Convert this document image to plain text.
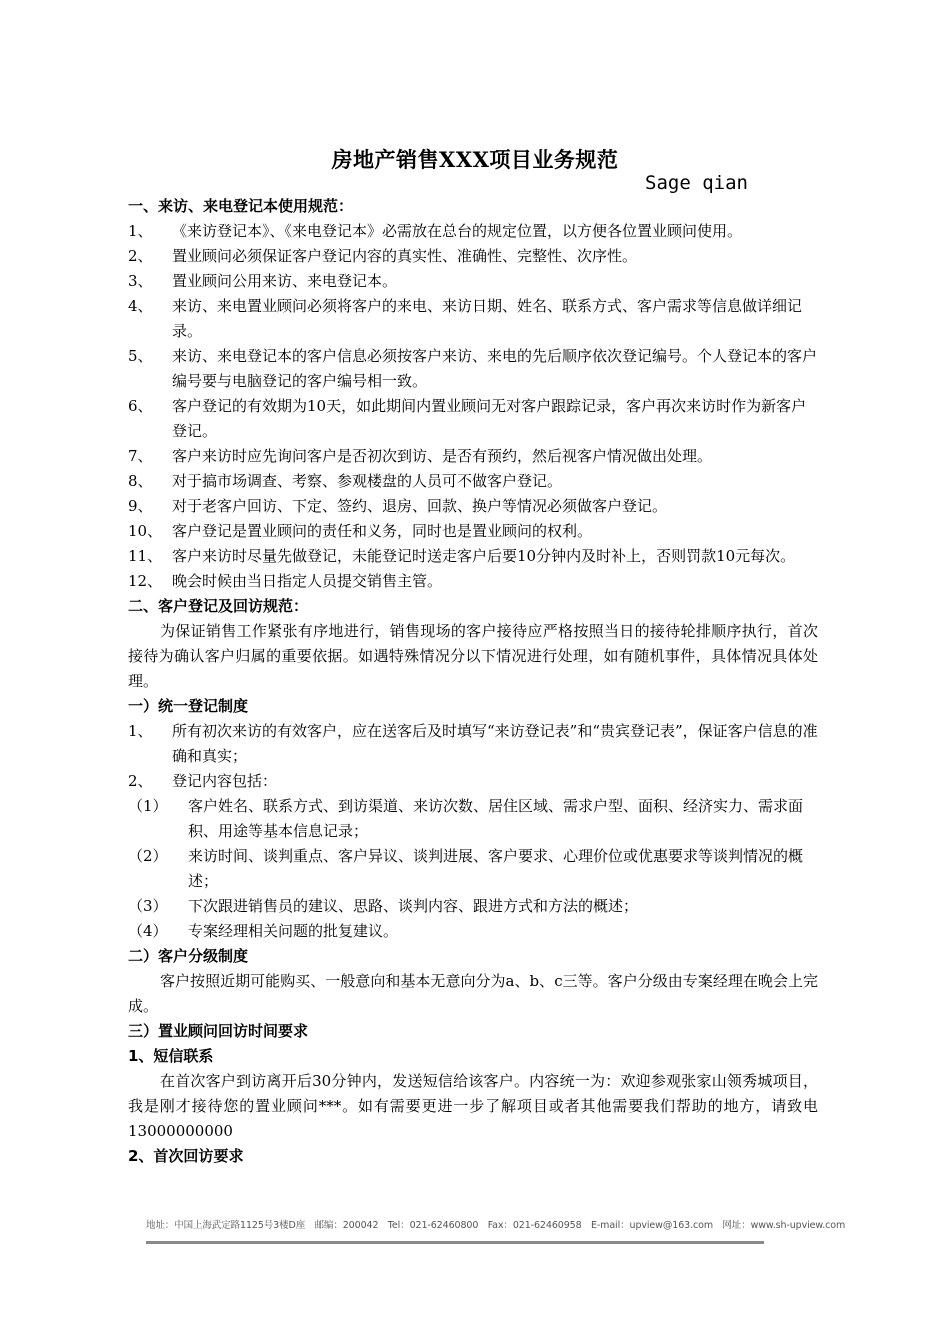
房地产销售XXX项目业务规范
Sage qian
一、来访、来电登记本使用规范：
1、 《来访登记本》、《来电登记本》必需放在总台的规定位置，以方便各位置业顾问使用。
2、 置业顾问必须保证客户登记内容的真实性、准确性、完整性、次序性。
3、 置业顾问公用来访、来电登记本。
4、 来访、来电置业顾问必须将客户的来电、来访日期、姓名、联系方式、客户需求等信息做详细记录。
5、 来访、来电登记本的客户信息必须按客户来访、来电的先后顺序依次登记编号。个人登记本的客户编号要与电脑登记的客户编号相一致。
6、 客户登记的有效期为10天，如此期间内置业顾问无对客户跟踪记录，客户再次来访时作为新客户登记。
7、 客户来访时应先询问客户是否初次到访、是否有预约，然后视客户情况做出处理。
8、 对于搞市场调查、考察、参观楼盘的人员可不做客户登记。
9、 对于老客户回访、下定、签约、退房、回款、换户等情况必须做客户登记。
10、 客户登记是置业顾问的责任和义务，同时也是置业顾问的权利。
11、 客户来访时尽量先做登记，未能登记时送走客户后要10分钟内及时补上，否则罚款10元每次。
12、 晚会时候由当日指定人员提交销售主管。
二、客户登记及回访规范：
为保证销售工作紧张有序地进行，销售现场的客户接待应严格按照当日的接待轮排顺序执行，首次接待为确认客户归属的重要依据。如遇特殊情况分以下情况进行处理，如有随机事件，具体情况具体处理。
一）统一登记制度
1、 所有初次来访的有效客户，应在送客后及时填写“来访登记表”和“贵宾登记表”，保证客户信息的准确和真实；
2、 登记内容包括：
（1） 客户姓名、联系方式、到访渠道、来访次数、居住区域、需求户型、面积、经济实力、需求面积、用途等基本信息记录；
（2） 来访时间、谈判重点、客户异议、谈判进展、客户要求、心理价位或优惠要求等谈判情况的概述；
（3） 下次跟进销售员的建议、思路、谈判内容、跟进方式和方法的概述；
（4） 专案经理相关问题的批复建议。
二）客户分级制度
客户按照近期可能购买、一般意向和基本无意向分为a、b、c三等。客户分级由专案经理在晚会上完成。
三）置业顾问回访时间要求
1、短信联系
在首次客户到访离开后30分钟内，发送短信给该客户。内容统一为：欢迎参观张家山领秀城项目，我是刚才接待您的置业顾问***。如有需要更进一步了解项目或者其他需要我们帮助的地方，请致电13000000000
2、首次回访要求
地址：中国上海武定路1125号3楼D座　邮编：200042　Tel：021-62460800　Fax：021-62460958　E-mail：upview@163.com　网址：www.sh-upview.com
